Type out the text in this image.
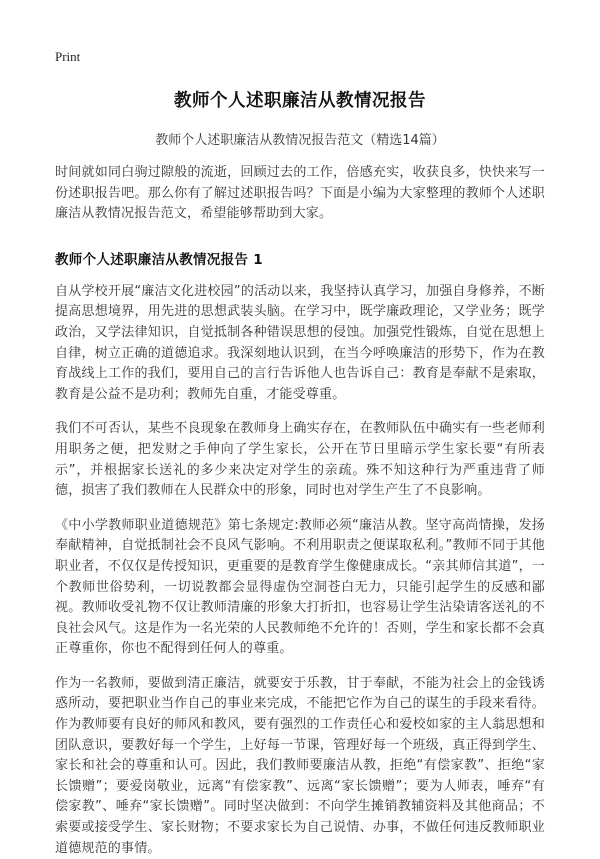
Print
教师个人述职廉洁从教情况报告
教师个人述职廉洁从教情况报告范文（精选14篇）

时间就如同白驹过隙般的流逝，回顾过去的工作，倍感充实，收获良多，快快来写一份述职报告吧。那么你有了解过述职报告吗？下面是小编为大家整理的教师个人述职廉洁从教情况报告范文，希望能够帮助到大家。

教师个人述职廉洁从教情况报告 1

自从学校开展“廉洁文化进校园”的活动以来，我坚持认真学习，加强自身修养，不断提高思想境界，用先进的思想武装头脑。在学习中，既学廉政理论，又学业务；既学政治，又学法律知识，自觉抵制各种错误思想的侵蚀。加强党性锻炼，自觉在思想上自律，树立正确的道德追求。我深刻地认识到，在当今呼唤廉洁的形势下，作为在教育战线上工作的我们，要用自己的言行告诉他人也告诉自己：教育是奉献不是索取，教育是公益不是功利；教师先自重，才能受尊重。

我们不可否认，某些不良现象在教师身上确实存在，在教师队伍中确实有一些老师利用职务之便，把发财之手伸向了学生家长，公开在节日里暗示学生家长要“有所表示”，并根据家长送礼的多少来决定对学生的亲疏。殊不知这种行为严重违背了师德，损害了我们教师在人民群众中的形象，同时也对学生产生了不良影响。

《中小学教师职业道德规范》第七条规定:教师必须“廉洁从教。坚守高尚情操，发扬奉献精神，自觉抵制社会不良风气影响。不利用职责之便谋取私利。”教师不同于其他职业者，不仅仅是传授知识，更重要的是教育学生像健康成长。“亲其师信其道”，一个教师世俗势利，一切说教都会显得虚伪空洞苍白无力，只能引起学生的反感和鄙视。教师收受礼物不仅让教师清廉的形象大打折扣，也容易让学生沾染请客送礼的不良社会风气。这是作为一名光荣的人民教师绝不允许的！否则，学生和家长都不会真正尊重你，你也不配得到任何人的尊重。

作为一名教师，要做到清正廉洁，就要安于乐教，甘于奉献，不能为社会上的金钱诱惑所动，要把职业当作自己的事业来完成，不能把它作为自己的谋生的手段来看待。作为教师要有良好的师风和教风，要有强烈的工作责任心和爱校如家的主人翁思想和团队意识，要教好每一个学生，上好每一节课，管理好每一个班级，真正得到学生、家长和社会的尊重和认可。因此，我们教师要廉洁从教，拒绝“有偿家教”、拒绝“家长馈赠”；要爱岗敬业，远离“有偿家教”、远离“家长馈赠”；要为人师表，唾弃“有偿家教”、唾弃“家长馈赠”。同时坚决做到：不向学生摊销教辅资料及其他商品；不索要或接受学生、家长财物；不要求家长为自己说情、办事，不做任何违反教师职业道德规范的事情。
